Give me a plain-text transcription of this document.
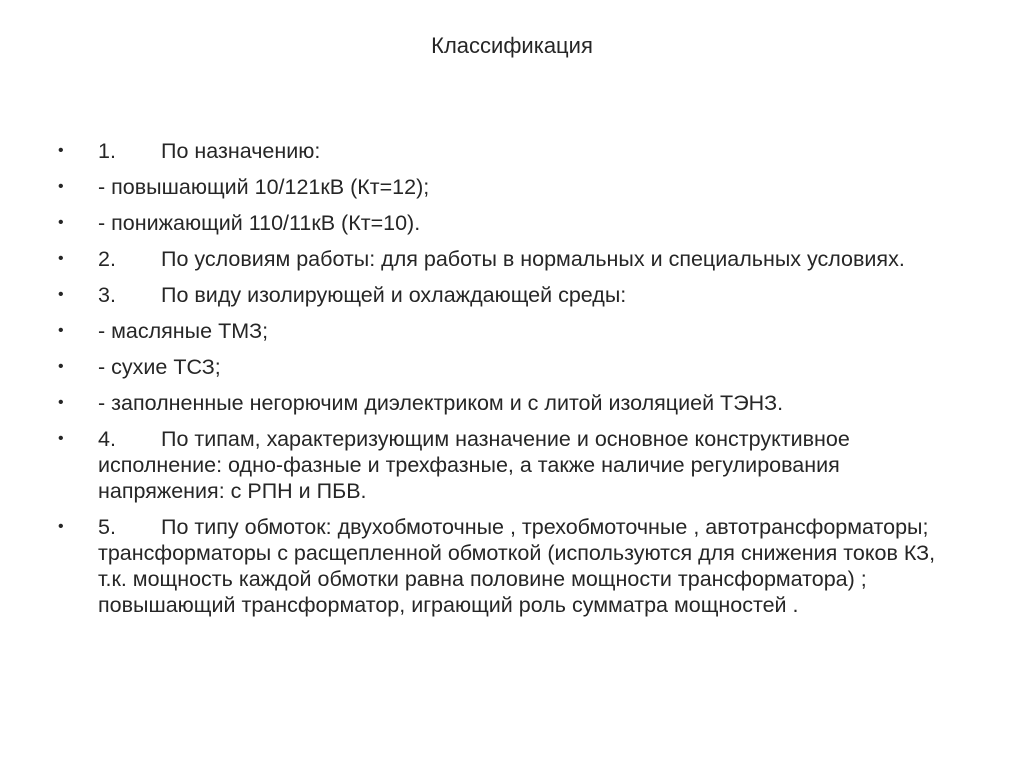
Классификация
•	1. По назначению:
•	- повышающий 10/121кВ (Кт=12);
•	- понижающий 110/11кВ (Кт=10).
•	2. По условиям работы: для работы в нормальных и специальных условиях.
•	3. По виду изолирующей и охлаждающей среды:
•	- масляные ТМЗ;
•	- сухие ТСЗ;
•	- заполненные негорючим диэлектриком и с литой изоляцией ТЭНЗ.
•	4. По типам, характеризующим назначение и основное конструктивное исполнение: одно-фазные и трехфазные, а также наличие регулирования напряжения: с РПН и ПБВ.
•	5. По типу обмоток: двухобмоточные , трехобмоточные , автотрансформаторы; трансформаторы с расщепленной обмоткой (используются для снижения токов КЗ, т.к. мощность каждой обмотки равна половине мощности трансформатора) ; повышающий трансформатор, играющий роль сумматра мощностей .
